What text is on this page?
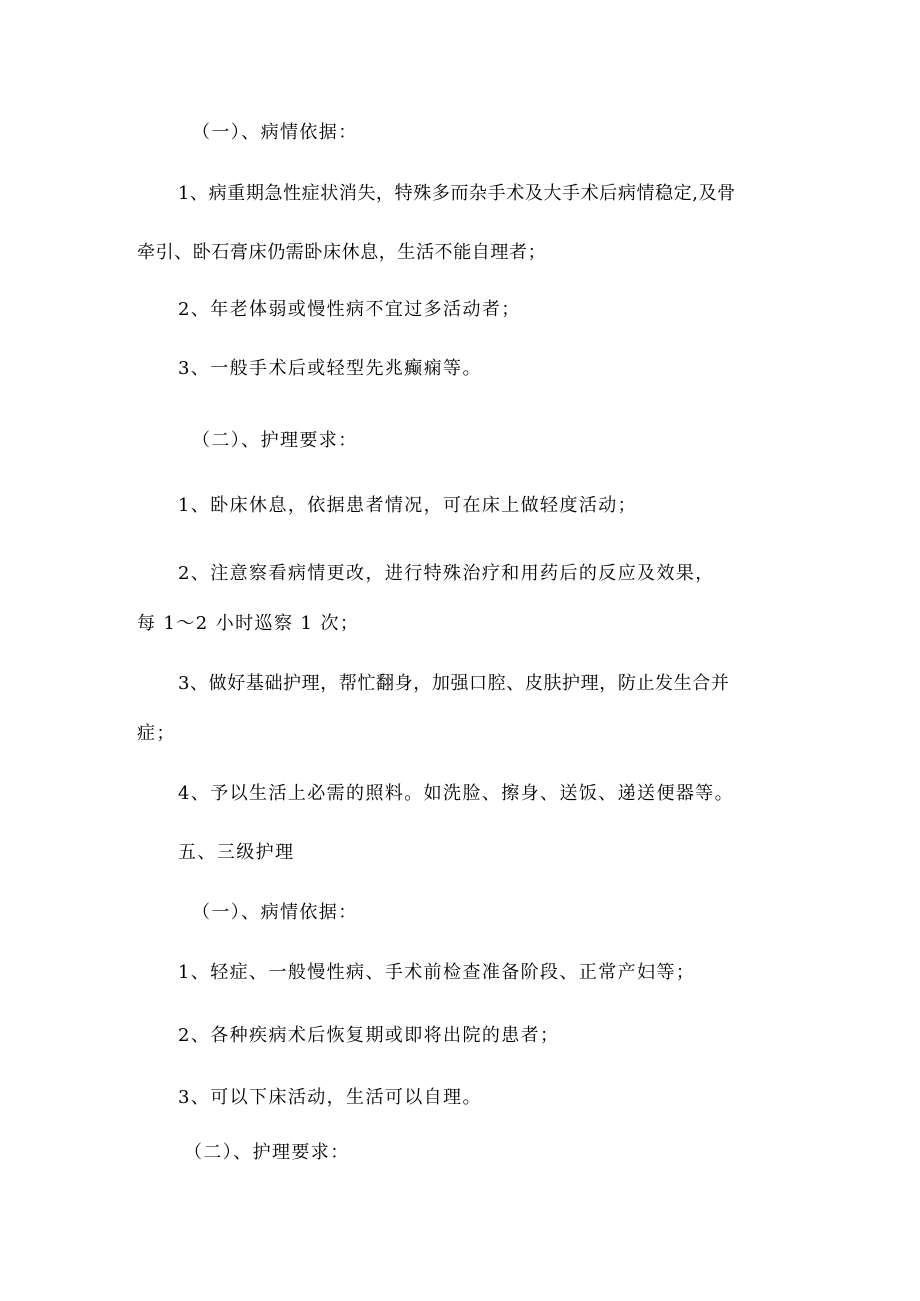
（一）、病情依据：
1、病重期急性症状消失，特殊多而杂手术及大手术后病情稳定,及骨
牵引、卧石膏床仍需卧床休息，生活不能自理者；
2、年老体弱或慢性病不宜过多活动者；
3、一般手术后或轻型先兆癫痫等。
（二）、护理要求：
1、卧床休息，依据患者情况，可在床上做轻度活动；
2、注意察看病情更改，进行特殊治疗和用药后的反应及效果，
每 1～2 小时巡察 1 次；
3、做好基础护理，帮忙翻身，加强口腔、皮肤护理，防止发生合并
症；
4、予以生活上必需的照料。如洗脸、擦身、送饭、递送便器等。
五、三级护理
（一）、病情依据：
1、轻症、一般慢性病、手术前检查准备阶段、正常产妇等；
2、各种疾病术后恢复期或即将出院的患者；
3、可以下床活动，生活可以自理。
（二）、护理要求：
